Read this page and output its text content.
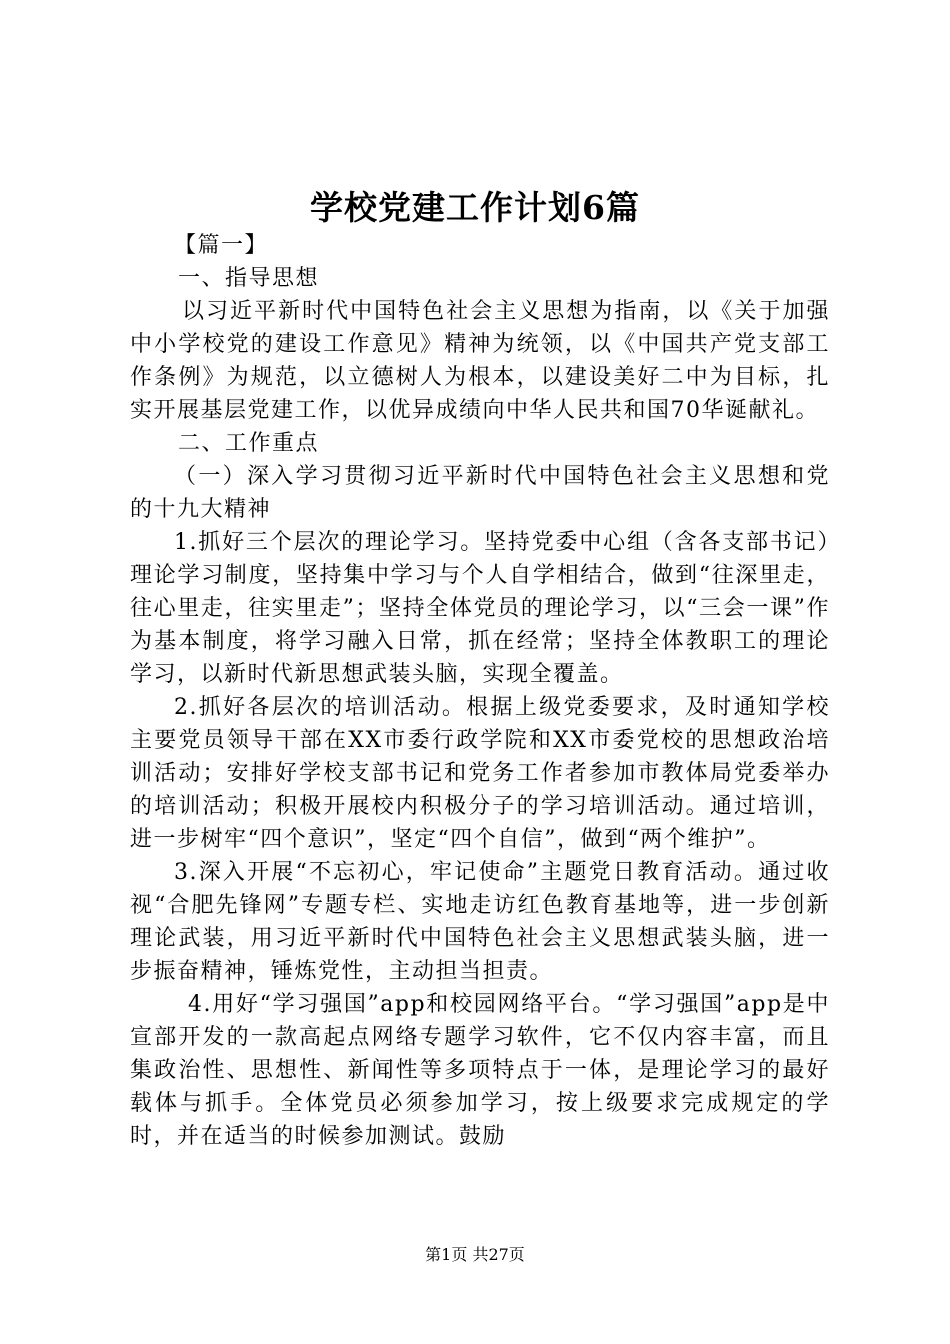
学校党建工作计划6篇

【篇一】

一、指导思想

以习近平新时代中国特色社会主义思想为指南，以《关于加强中小学校党的建设工作意见》精神为统领，以《中国共产党支部工作条例》为规范，以立德树人为根本，以建设美好二中为目标，扎实开展基层党建工作，以优异成绩向中华人民共和国70华诞献礼。

二、工作重点

（一）深入学习贯彻习近平新时代中国特色社会主义思想和党的十九大精神

1.抓好三个层次的理论学习。坚持党委中心组（含各支部书记）理论学习制度，坚持集中学习与个人自学相结合，做到“往深里走，往心里走，往实里走”；坚持全体党员的理论学习，以“三会一课”作为基本制度，将学习融入日常，抓在经常；坚持全体教职工的理论学习，以新时代新思想武装头脑，实现全覆盖。

2.抓好各层次的培训活动。根据上级党委要求，及时通知学校主要党员领导干部在XX市委行政学院和XX市委党校的思想政治培训活动；安排好学校支部书记和党务工作者参加市教体局党委举办的培训活动；积极开展校内积极分子的学习培训活动。通过培训，进一步树牢“四个意识”，坚定“四个自信”，做到“两个维护”。

3.深入开展“不忘初心，牢记使命”主题党日教育活动。通过收视“合肥先锋网”专题专栏、实地走访红色教育基地等，进一步创新理论武装，用习近平新时代中国特色社会主义思想武装头脑，进一步振奋精神，锤炼党性，主动担当担责。

4.用好“学习强国”app和校园网络平台。“学习强国”app是中宣部开发的一款高起点网络专题学习软件，它不仅内容丰富，而且集政治性、思想性、新闻性等多项特点于一体，是理论学习的最好载体与抓手。全体党员必须参加学习，按上级要求完成规定的学时，并在适当的时候参加测试。鼓励

第1页 共27页
